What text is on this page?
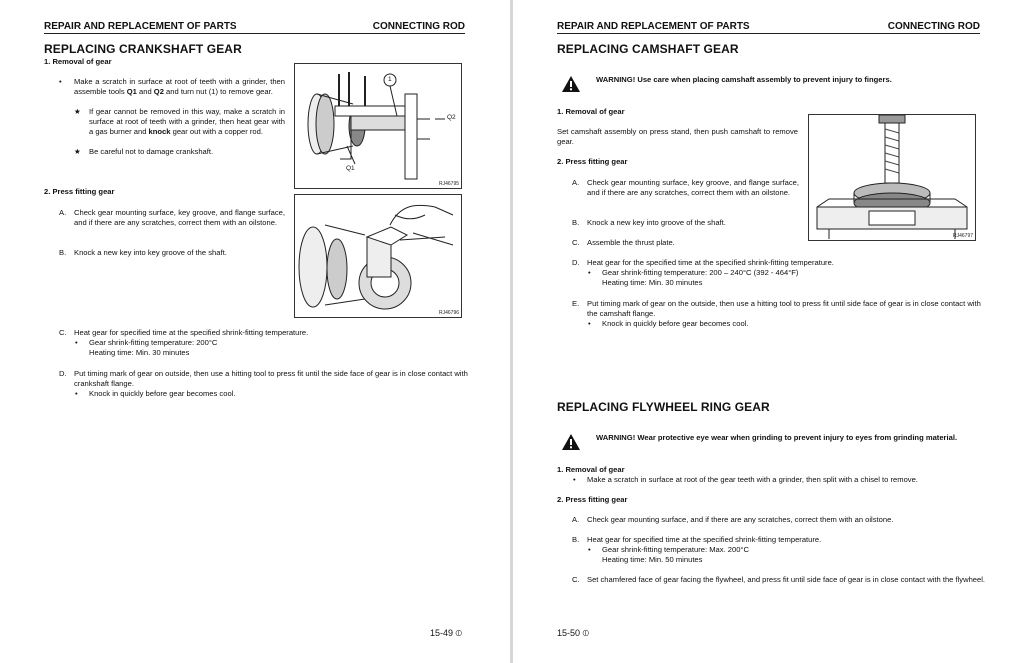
REPAIR AND REPLACEMENT OF PARTS	CONNECTING ROD
REPLACING CRANKSHAFT GEAR
1. Removal of gear
• Make a scratch in surface at root of teeth with a grinder, then assemble tools Q1 and Q2 and turn nut (1) to remove gear.
★ If gear cannot be removed in this way, make a scratch in surface at root of teeth with a grinder, then heat gear with a gas burner and knock gear out with a copper rod.
★ Be careful not to damage crankshaft.
1
Q2
Q1
RJ46795
2. Press fitting gear
A. Check gear mounting surface, key groove, and flange surface, and if there are any scratches, correct them with an oilstone.
B. Knock a new key into key groove of the shaft.
RJ46796
C. Heat gear for specified time at the specified shrink-fitting temperature.
• Gear shrink-fitting temperature: 200°C
Heating time: Min. 30 minutes
D. Put timing mark of gear on outside, then use a hitting tool to press fit until the side face of gear is in close contact with crankshaft flange.
• Knock in quickly before gear becomes cool.
15-49 ⦶
REPAIR AND REPLACEMENT OF PARTS	CONNECTING ROD
REPLACING CAMSHAFT GEAR
WARNING! Use care when placing camshaft assembly to prevent injury to fingers.
1. Removal of gear
Set camshaft assembly on press stand, then push camshaft to remove gear.
RJ46797
2. Press fitting gear
A. Check gear mounting surface, key groove, and flange surface, and if there are any scratches, correct them with an oilstone.
B. Knock a new key into groove of the shaft.
C. Assemble the thrust plate.
D. Heat gear for the specified time at the specified shrink-fitting temperature.
• Gear shrink-fitting temperature: 200 – 240°C (392 - 464°F)
Heating time: Min. 30 minutes
E. Put timing mark of gear on the outside, then use a hitting tool to press fit until side face of gear is in close contact with the camshaft flange.
• Knock in quickly before gear becomes cool.
REPLACING FLYWHEEL RING GEAR
WARNING! Wear protective eye wear when grinding to prevent injury to eyes from grinding material.
1. Removal of gear
• Make a scratch in surface at root of the gear teeth with a grinder, then split with a chisel to remove.
2. Press fitting gear
A. Check gear mounting surface, and if there are any scratches, correct them with an oilstone.
B. Heat gear for specified time at the specified shrink-fitting temperature.
• Gear shrink-fitting temperature: Max. 200°C
Heating time: Min. 50 minutes
C. Set chamfered face of gear facing the flywheel, and press fit until side face of gear is in close contact with the flywheel.
15-50 ⦶
